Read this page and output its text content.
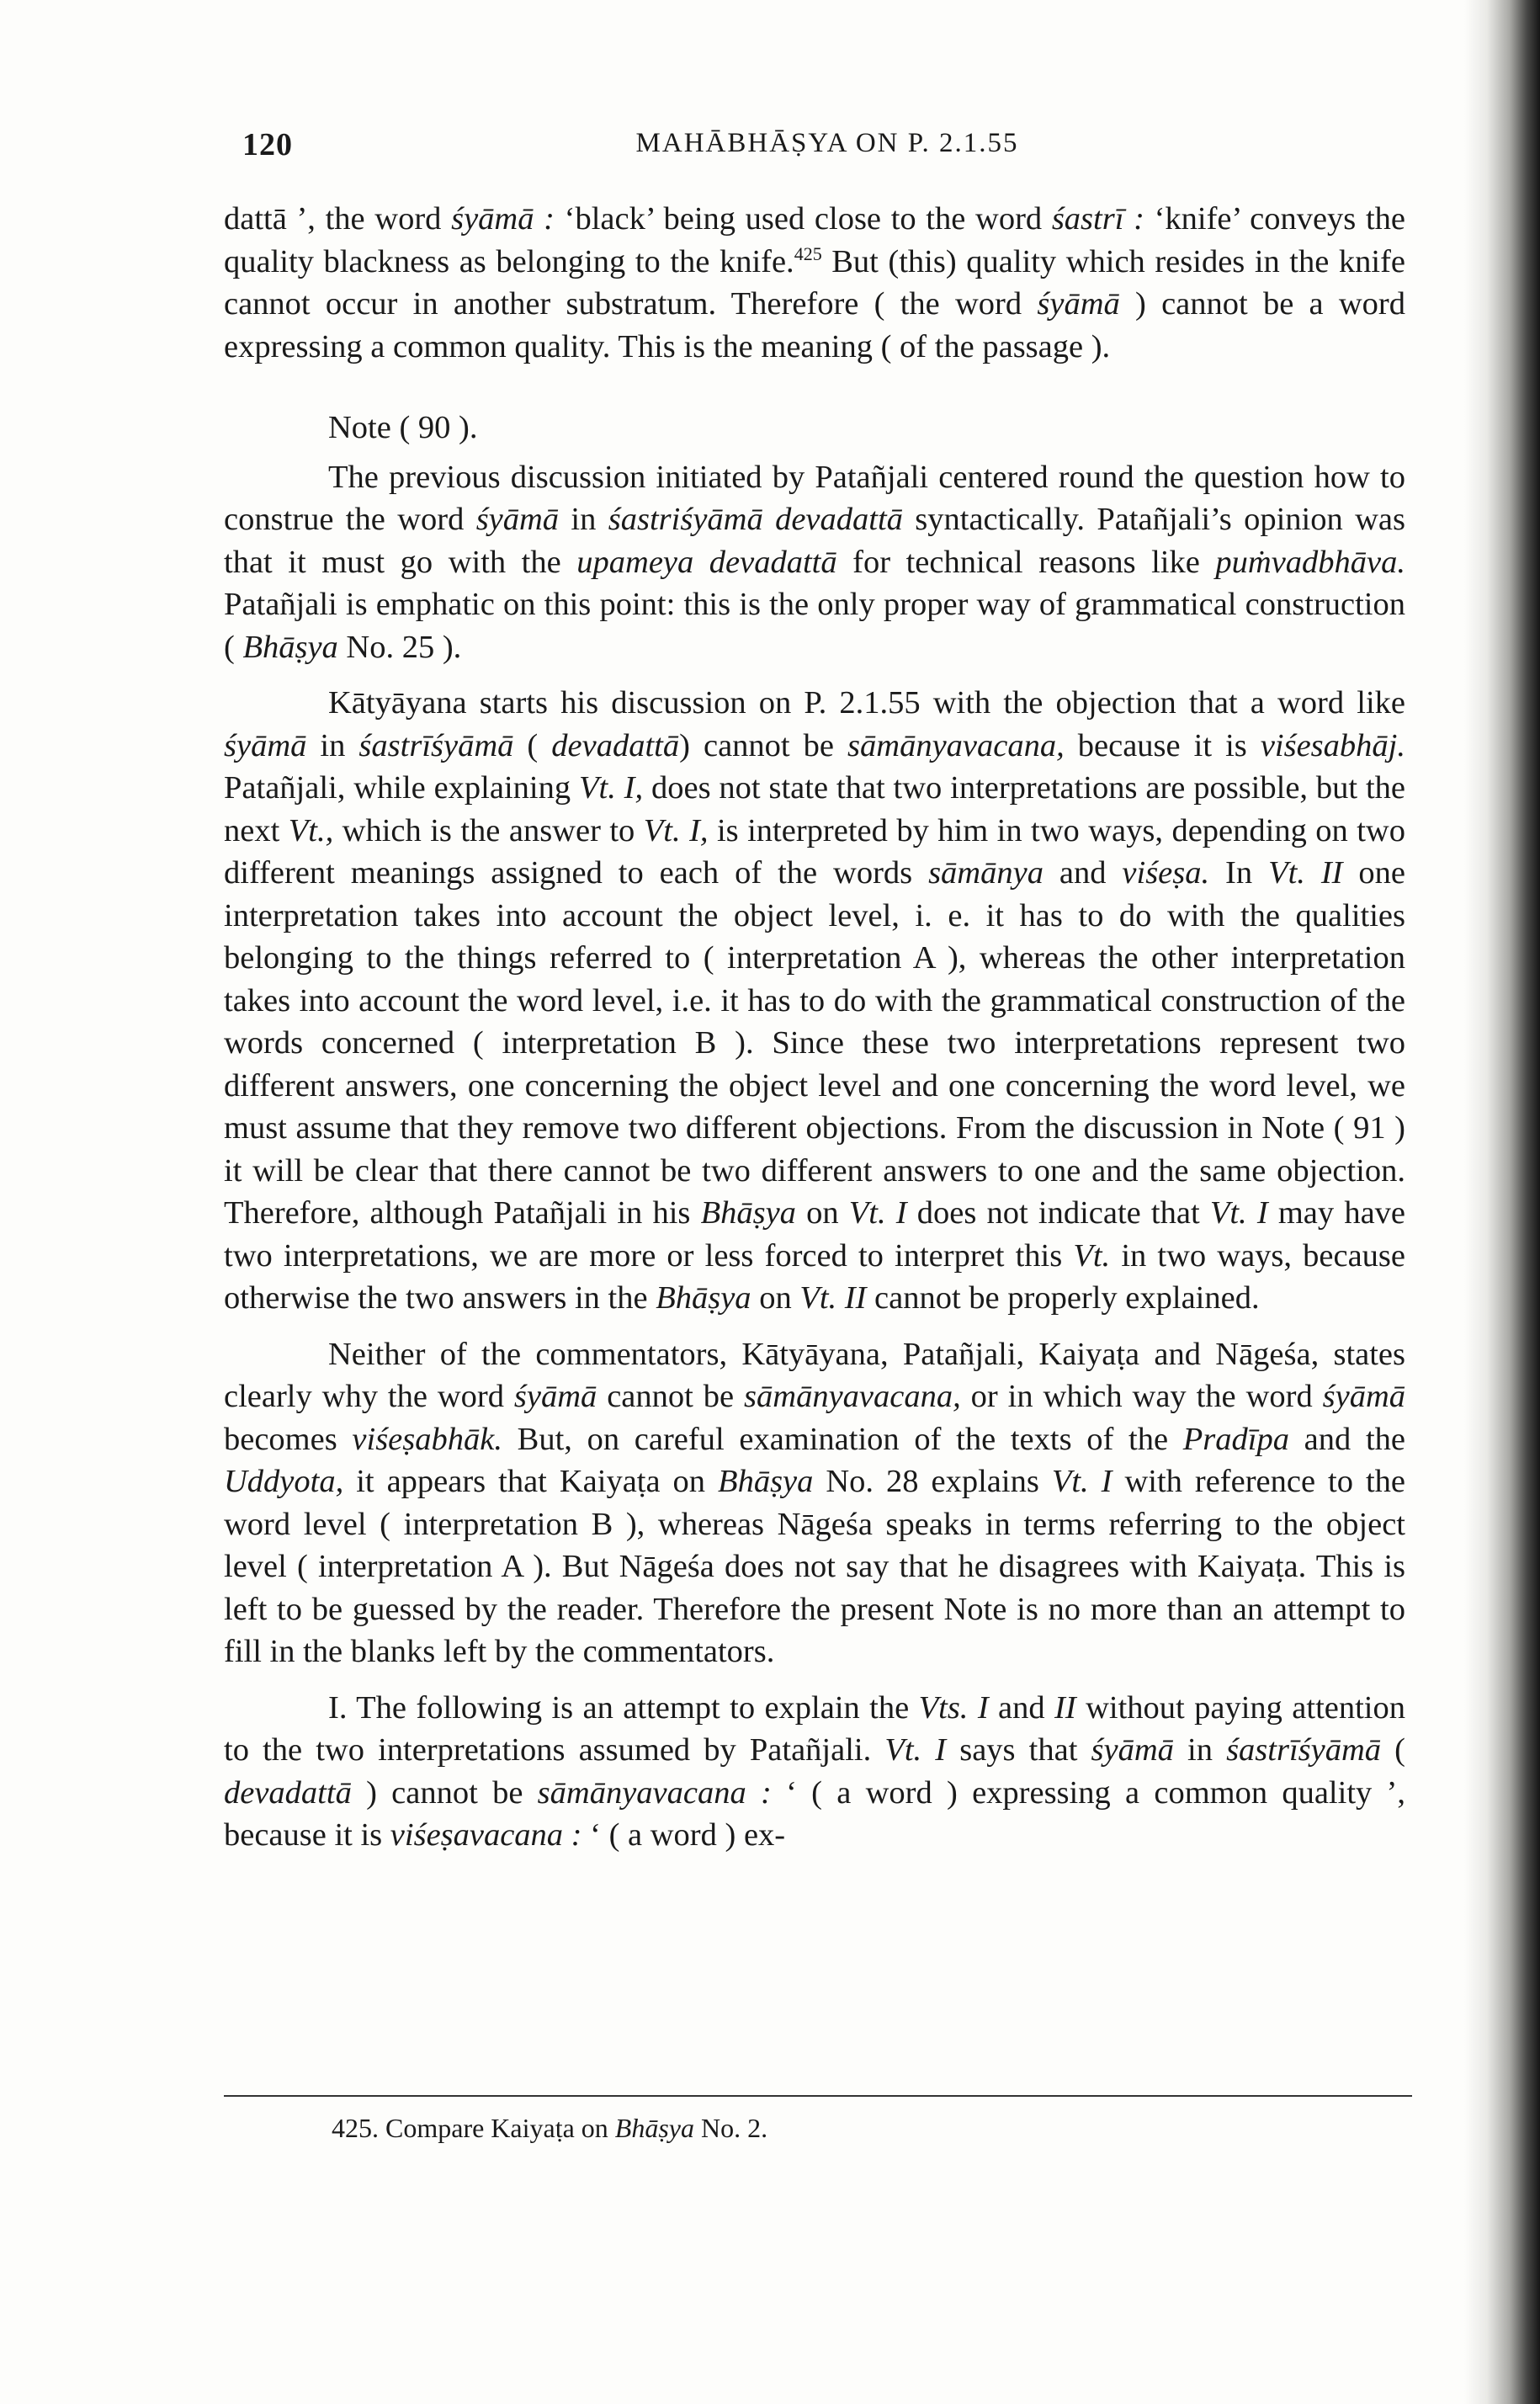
120	MAHĀBHĀṢYA ON P. 2.1.55

dattā ’, the word śyāmā : ‘black’ being used close to the word śastrī : ‘knife’ conveys the quality blackness as belonging to the knife.$^{425}$ But (this) quality which resides in the knife cannot occur in another substratum. Therefore ( the word śyāmā ) cannot be a word expressing a common quality. This is the meaning ( of the passage ).

Note ( 90 ).

The previous discussion initiated by Patañjali centered round the question how to construe the word śyāmā in śastriśyāmā devadattā syntactically. Patañjali’s opinion was that it must go with the upameya devadattā for technical reasons like puṁvadbhāva. Patañjali is emphatic on this point: this is the only proper way of grammatical construction ( Bhāṣya No. 25 ).

Kātyāyana starts his discussion on P. 2.1.55 with the objection that a word like śyāmā in śastrīśyāmā ( devadattā) cannot be sāmānyavacana, because it is viśesabhāj. Patañjali, while explaining Vt. I, does not state that two interpretations are possible, but the next Vt., which is the answer to Vt. I, is interpreted by him in two ways, depending on two different meanings assigned to each of the words sāmānya and viśeṣa. In Vt. II one interpretation takes into account the object level, i. e. it has to do with the qualities belonging to the things referred to ( interpretation A ), whereas the other interpretation takes into account the word level, i.e. it has to do with the grammatical construction of the words concerned ( interpretation B ). Since these two interpretations represent two different answers, one concerning the object level and one concerning the word level, we must assume that they remove two different objections. From the discussion in Note ( 91 ) it will be clear that there cannot be two different answers to one and the same objection. Therefore, although Patañjali in his Bhāṣya on Vt. I does not indicate that Vt. I may have two interpretations, we are more or less forced to interpret this Vt. in two ways, because otherwise the two answers in the Bhāṣya on Vt. II cannot be properly explained.

Neither of the commentators, Kātyāyana, Patañjali, Kaiyaṭa and Nāgeśa, states clearly why the word śyāmā cannot be sāmānyavacana, or in which way the word śyāmā becomes viśeṣabhāk. But, on careful examination of the texts of the Pradīpa and the Uddyota, it appears that Kaiyaṭa on Bhāṣya No. 28 explains Vt. I with reference to the word level ( interpretation B ), whereas Nāgeśa speaks in terms referring to the object level ( interpretation A ). But Nāgeśa does not say that he disagrees with Kaiyaṭa. This is left to be guessed by the reader. Therefore the present Note is no more than an attempt to fill in the blanks left by the commentators.

I. The following is an attempt to explain the Vts. I and II without paying attention to the two interpretations assumed by Patañjali. Vt. I says that śyāmā in śastrīśyāmā ( devadattā ) cannot be sāmānyavacana : ‘ ( a word ) expressing a common quality ’, because it is viśeṣavacana : ‘ ( a word ) ex-

425. Compare Kaiyaṭa on Bhāṣya No. 2.
